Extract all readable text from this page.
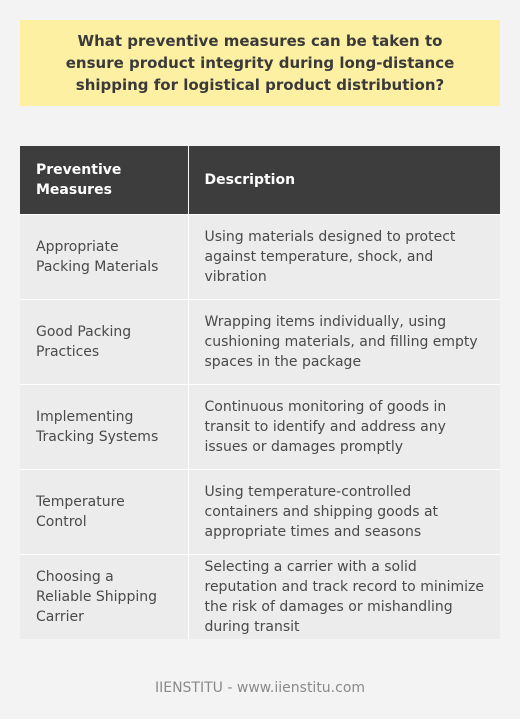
What preventive measures can be taken to ensure product integrity during long-distance shipping for logistical product distribution?

Preventive Measures	Description
Appropriate Packing Materials	Using materials designed to protect against temperature, shock, and vibration
Good Packing Practices	Wrapping items individually, using cushioning materials, and filling empty spaces in the package
Implementing Tracking Systems	Continuous monitoring of goods in transit to identify and address any issues or damages promptly
Temperature Control	Using temperature-controlled containers and shipping goods at appropriate times and seasons
Choosing a Reliable Shipping Carrier	Selecting a carrier with a solid reputation and track record to minimize the risk of damages or mishandling during transit

IIENSTITU - www.iienstitu.com
